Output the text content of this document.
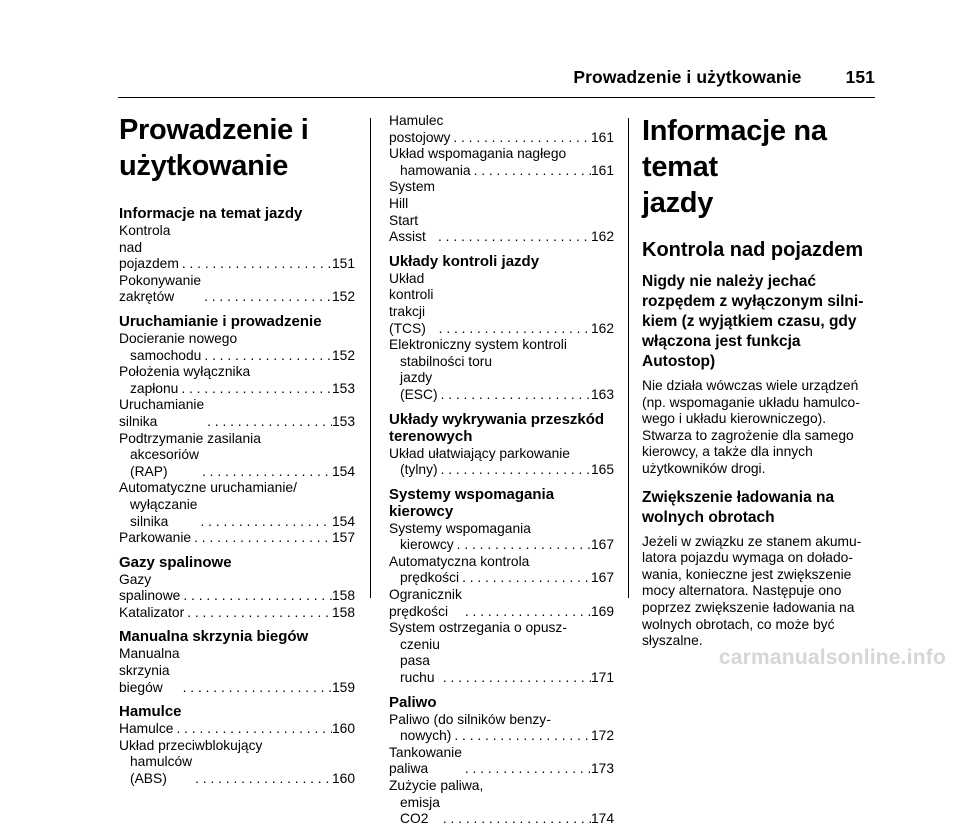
Prowadzenie i użytkowanie	151
Prowadzenie i
użytkowanie
Informacje na temat jazdy
Kontrola nad pojazdem . . .	151
Pokonywanie zakrętów . . .	152
Uruchamianie i prowadzenie
Docieranie nowego
samochodu . . .	152
Położenia wyłącznika
zapłonu . . .	153
Uruchamianie silnika . . .	153
Podtrzymanie zasilania
akcesoriów (RAP) . . .	154
Automatyczne uruchamianie/
wyłączanie silnika . . .	154
Parkowanie . . .	157
Gazy spalinowe
Gazy spalinowe . . .	158
Katalizator . . .	158
Manualna skrzynia biegów
Manualna skrzynia biegów . . .	159
Hamulce
Hamulce . . .	160
Układ przeciwblokujący
hamulców (ABS) . . .	160
Hamulec postojowy . . .	161
Układ wspomagania nagłego
hamowania . . .	161
System Hill Start Assist . . .	162
Układy kontroli jazdy
Układ kontroli trakcji (TCS) . . .	162
Elektroniczny system kontroli
stabilności toru
jazdy (ESC) . . .	163
Układy wykrywania przeszkód terenowych
Układ ułatwiający parkowanie
(tylny) . . .	165
Systemy wspomagania kierowcy
Systemy wspomagania
kierowcy . . .	167
Automatyczna kontrola
prędkości . . .	167
Ogranicznik prędkości . . .	169
System ostrzegania o opusz-
czeniu pasa ruchu . . .	171
Paliwo
Paliwo (do silników benzy-
nowych) . . .	172
Tankowanie paliwa . . .	173
Zużycie paliwa,
emisja CO2 . . .	174
Informacje na temat
jazdy
Kontrola nad pojazdem
Nigdy nie należy jechać
rozpędem z wyłączonym silni-
kiem (z wyjątkiem czasu, gdy
włączona jest funkcja
Autostop)
Nie działa wówczas wiele urządzeń
(np. wspomaganie układu hamulco-
wego i układu kierowniczego).
Stwarza to zagrożenie dla samego
kierowcy, a także dla innych
użytkowników drogi.
Zwiększenie ładowania na
wolnych obrotach
Jeżeli w związku ze stanem akumu-
latora pojazdu wymaga on dołado-
wania, konieczne jest zwiększenie
mocy alternatora. Następuje ono
poprzez zwiększenie ładowania na
wolnych obrotach, co może być
słyszalne.
carmanualsonline.info
